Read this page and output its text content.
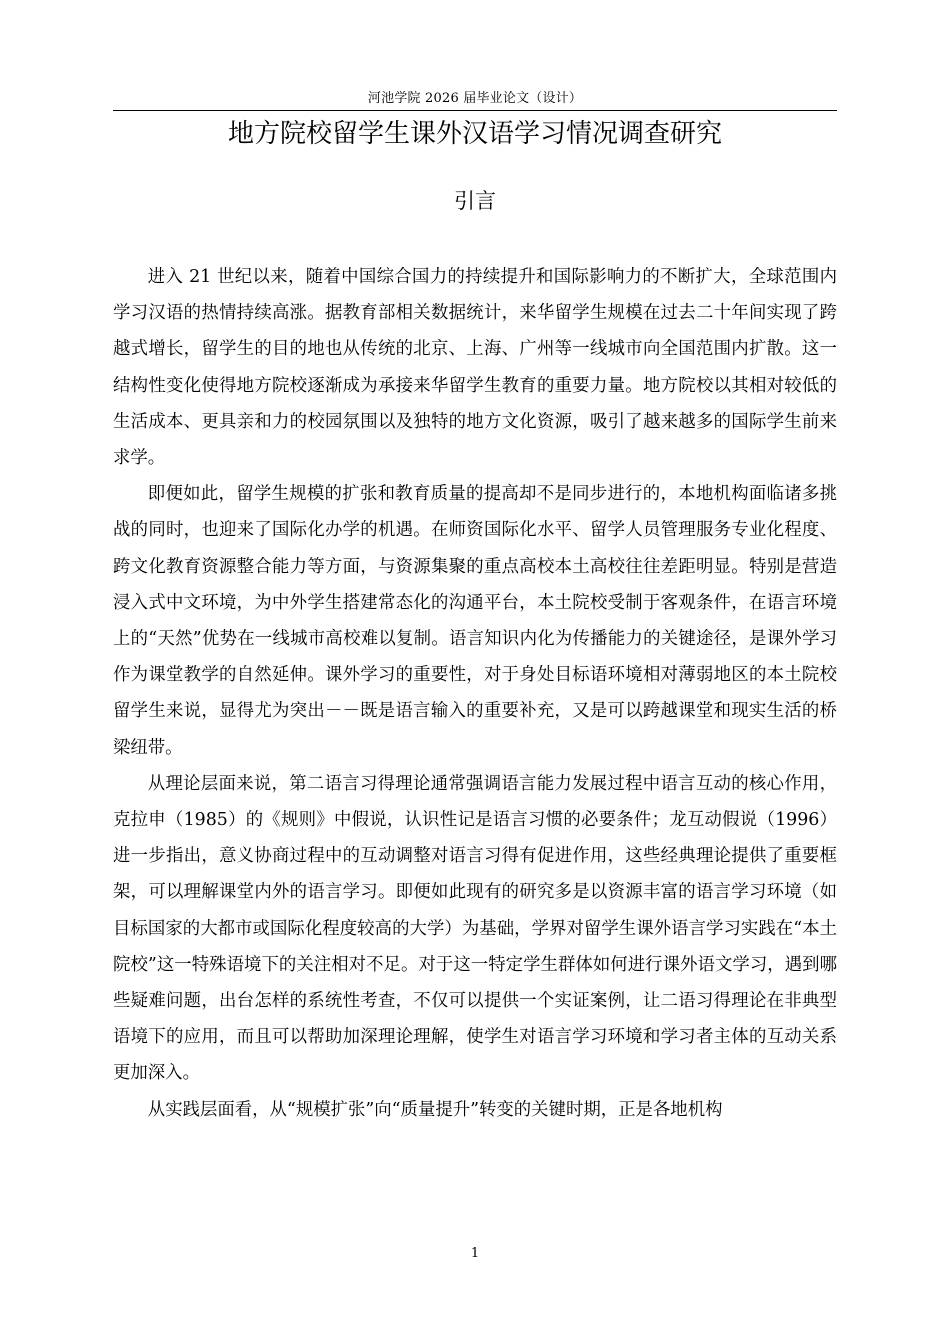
河池学院 2026 届毕业论文（设计）
地方院校留学生课外汉语学习情况调查研究
引言

进入 21 世纪以来，随着中国综合国力的持续提升和国际影响力的不断扩大，全球范围内学习汉语的热情持续高涨。据教育部相关数据统计，来华留学生规模在过去二十年间实现了跨越式增长，留学生的目的地也从传统的北京、上海、广州等一线城市向全国范围内扩散。这一结构性变化使得地方院校逐渐成为承接来华留学生教育的重要力量。地方院校以其相对较低的生活成本、更具亲和力的校园氛围以及独特的地方文化资源，吸引了越来越多的国际学生前来求学。

即便如此，留学生规模的扩张和教育质量的提高却不是同步进行的，本地机构面临诸多挑战的同时，也迎来了国际化办学的机遇。在师资国际化水平、留学人员管理服务专业化程度、跨文化教育资源整合能力等方面，与资源集聚的重点高校本土高校往往差距明显。特别是营造浸入式中文环境，为中外学生搭建常态化的沟通平台，本土院校受制于客观条件，在语言环境上的“天然”优势在一线城市高校难以复制。语言知识内化为传播能力的关键途径，是课外学习作为课堂教学的自然延伸。课外学习的重要性，对于身处目标语环境相对薄弱地区的本土院校留学生来说，显得尤为突出－－既是语言输入的重要补充，又是可以跨越课堂和现实生活的桥梁纽带。

从理论层面来说，第二语言习得理论通常强调语言能力发展过程中语言互动的核心作用，克拉申（1985）的《规则》中假说，认识性记是语言习惯的必要条件；龙互动假说（1996）进一步指出，意义协商过程中的互动调整对语言习得有促进作用，这些经典理论提供了重要框架，可以理解课堂内外的语言学习。即便如此现有的研究多是以资源丰富的语言学习环境（如目标国家的大都市或国际化程度较高的大学）为基础，学界对留学生课外语言学习实践在“本土院校”这一特殊语境下的关注相对不足。对于这一特定学生群体如何进行课外语文学习，遇到哪些疑难问题，出台怎样的系统性考查，不仅可以提供一个实证案例，让二语习得理论在非典型语境下的应用，而且可以帮助加深理论理解，使学生对语言学习环境和学习者主体的互动关系更加深入。

从实践层面看，从“规模扩张”向“质量提升”转变的关键时期，正是各地机构

1
